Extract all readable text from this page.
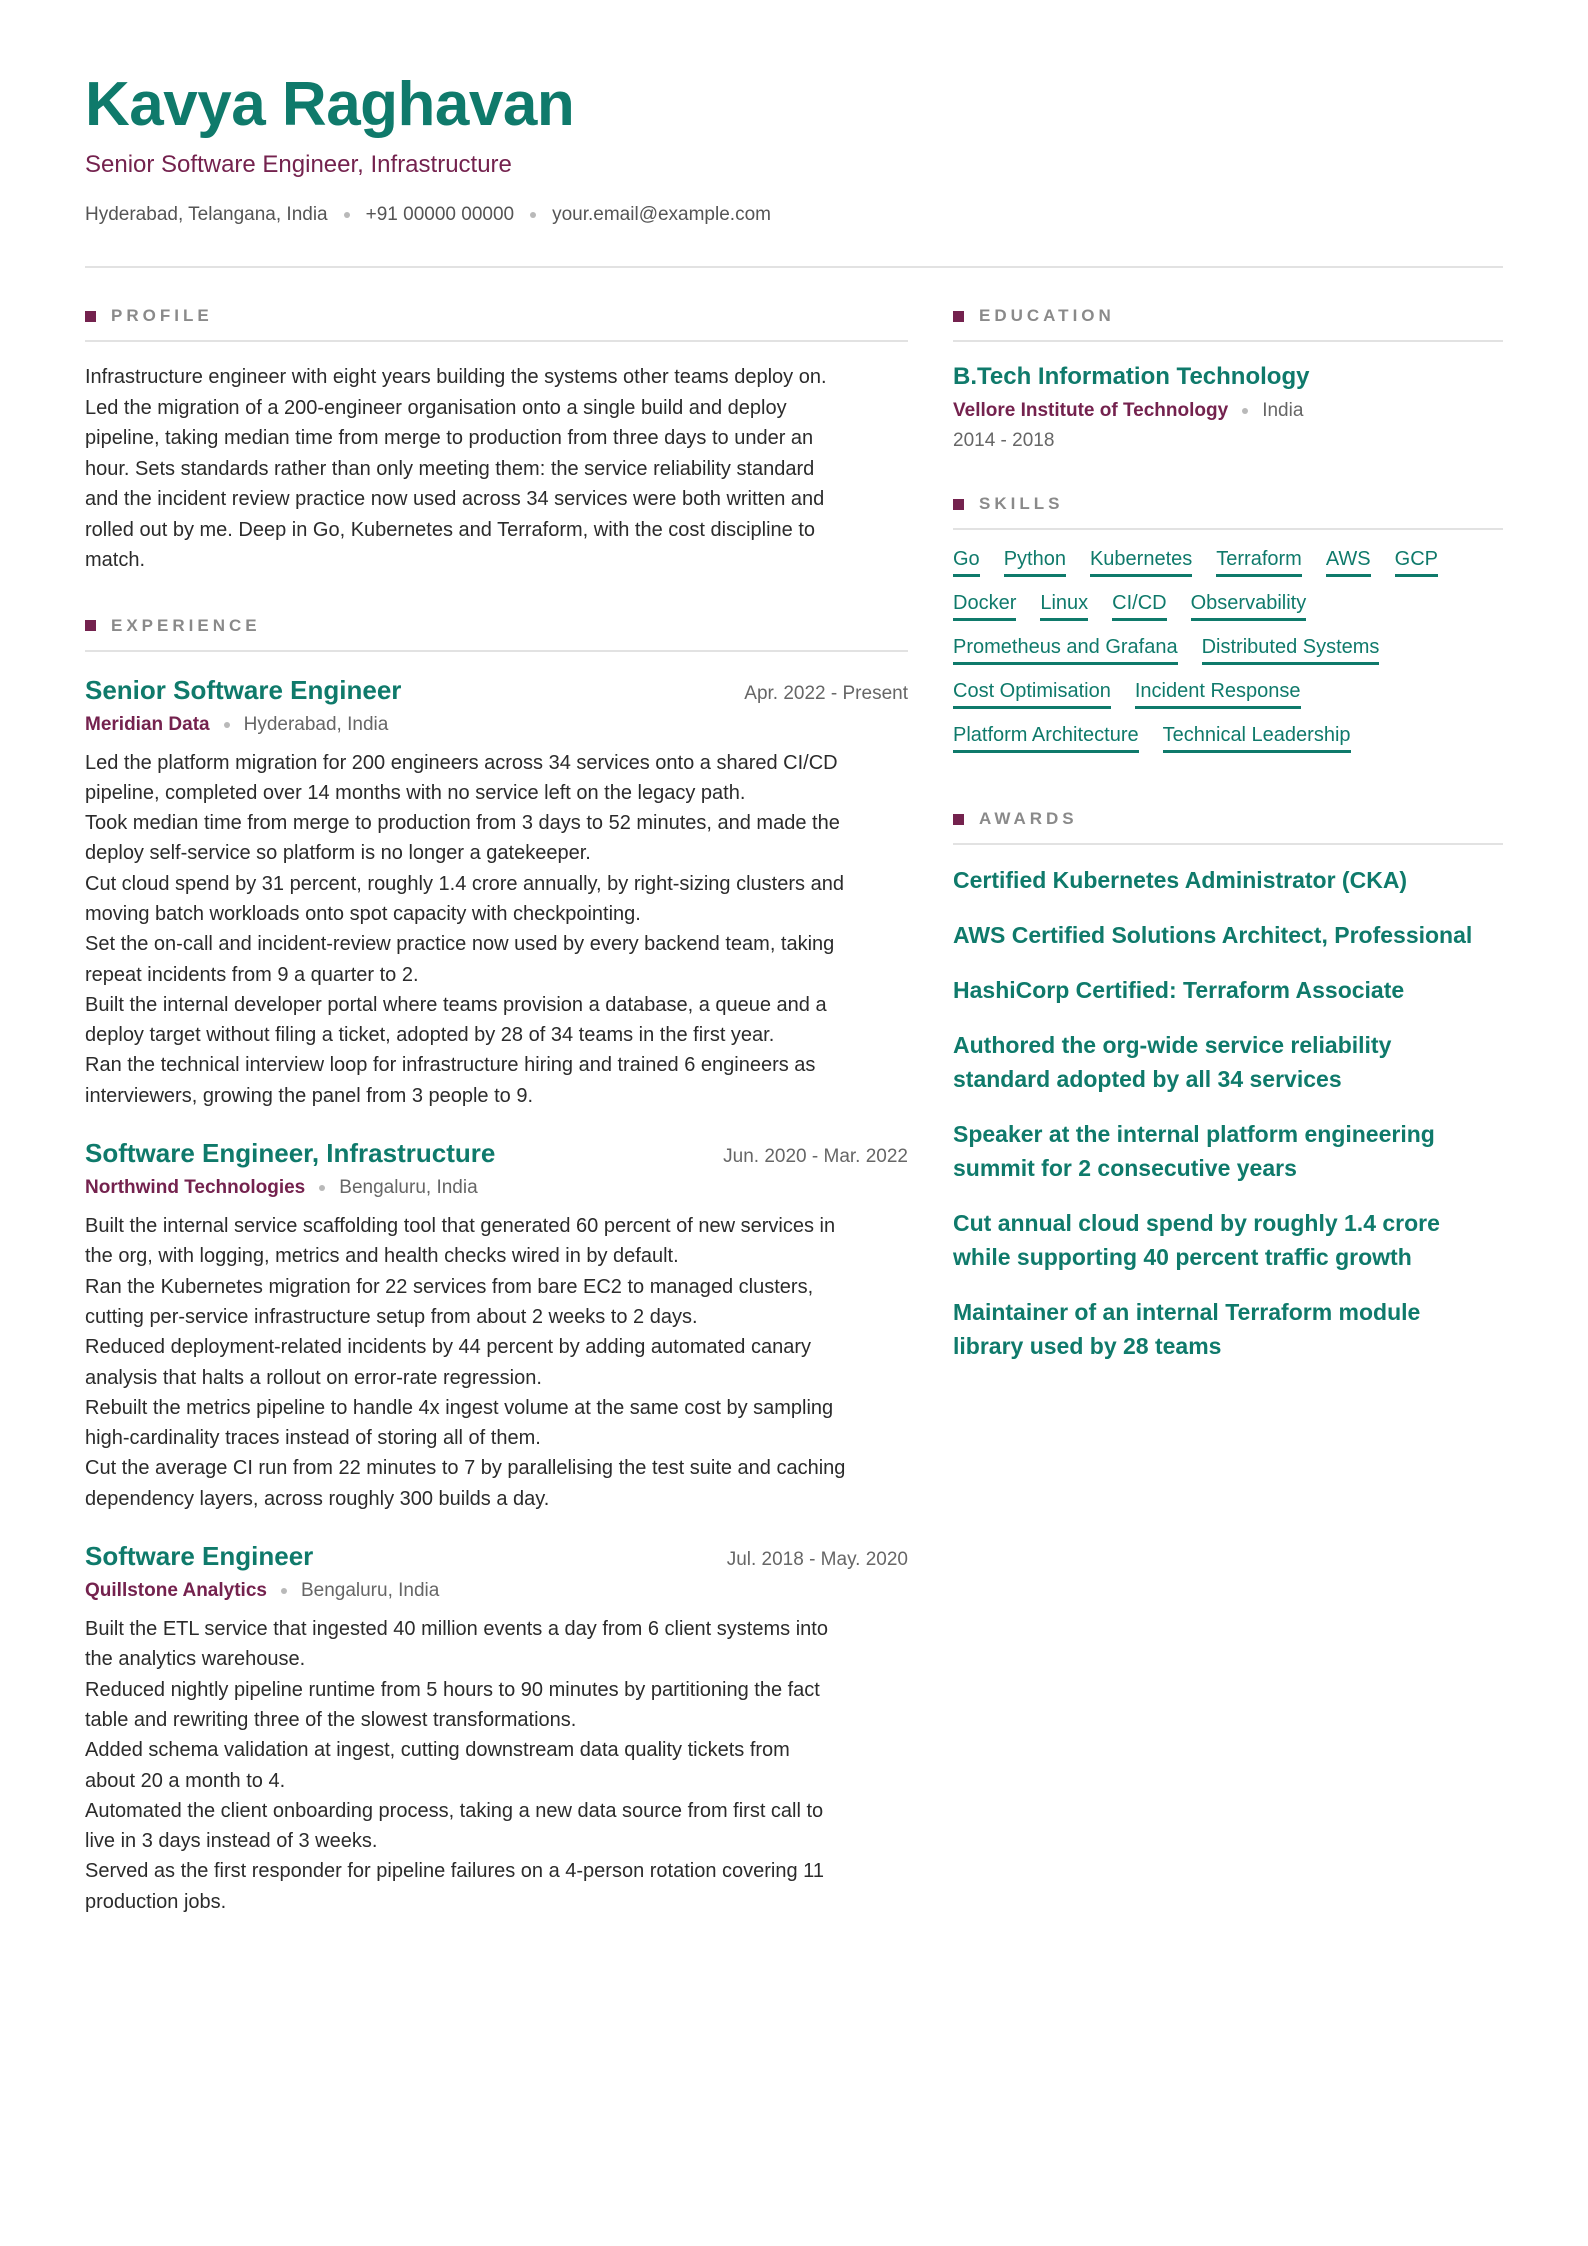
Kavya Raghavan
Senior Software Engineer, Infrastructure
Hyderabad, Telangana, India +91 00000 00000 your.email@example.com
PROFILE
Infrastructure engineer with eight years building the systems other teams deploy on.
Led the migration of a 200-engineer organisation onto a single build and deploy
pipeline, taking median time from merge to production from three days to under an
hour. Sets standards rather than only meeting them: the service reliability standard
and the incident review practice now used across 34 services were both written and
rolled out by me. Deep in Go, Kubernetes and Terraform, with the cost discipline to
match.
EXPERIENCE
Senior Software Engineer	Apr. 2022 - Present
Meridian Data Hyderabad, India
Led the platform migration for 200 engineers across 34 services onto a shared CI/CD
pipeline, completed over 14 months with no service left on the legacy path.
Took median time from merge to production from 3 days to 52 minutes, and made the
deploy self-service so platform is no longer a gatekeeper.
Cut cloud spend by 31 percent, roughly 1.4 crore annually, by right-sizing clusters and
moving batch workloads onto spot capacity with checkpointing.
Set the on-call and incident-review practice now used by every backend team, taking
repeat incidents from 9 a quarter to 2.
Built the internal developer portal where teams provision a database, a queue and a
deploy target without filing a ticket, adopted by 28 of 34 teams in the first year.
Ran the technical interview loop for infrastructure hiring and trained 6 engineers as
interviewers, growing the panel from 3 people to 9.
Software Engineer, Infrastructure	Jun. 2020 - Mar. 2022
Northwind Technologies Bengaluru, India
Built the internal service scaffolding tool that generated 60 percent of new services in
the org, with logging, metrics and health checks wired in by default.
Ran the Kubernetes migration for 22 services from bare EC2 to managed clusters,
cutting per-service infrastructure setup from about 2 weeks to 2 days.
Reduced deployment-related incidents by 44 percent by adding automated canary
analysis that halts a rollout on error-rate regression.
Rebuilt the metrics pipeline to handle 4x ingest volume at the same cost by sampling
high-cardinality traces instead of storing all of them.
Cut the average CI run from 22 minutes to 7 by parallelising the test suite and caching
dependency layers, across roughly 300 builds a day.
Software Engineer	Jul. 2018 - May. 2020
Quillstone Analytics Bengaluru, India
Built the ETL service that ingested 40 million events a day from 6 client systems into
the analytics warehouse.
Reduced nightly pipeline runtime from 5 hours to 90 minutes by partitioning the fact
table and rewriting three of the slowest transformations.
Added schema validation at ingest, cutting downstream data quality tickets from
about 20 a month to 4.
Automated the client onboarding process, taking a new data source from first call to
live in 3 days instead of 3 weeks.
Served as the first responder for pipeline failures on a 4-person rotation covering 11
production jobs.
EDUCATION
B.Tech Information Technology
Vellore Institute of Technology India
2014 - 2018
SKILLS
Go Python Kubernetes Terraform AWS GCP
Docker Linux CI/CD Observability
Prometheus and Grafana Distributed Systems
Cost Optimisation Incident Response
Platform Architecture Technical Leadership
AWARDS
Certified Kubernetes Administrator (CKA)
AWS Certified Solutions Architect, Professional
HashiCorp Certified: Terraform Associate
Authored the org-wide service reliability
standard adopted by all 34 services
Speaker at the internal platform engineering
summit for 2 consecutive years
Cut annual cloud spend by roughly 1.4 crore
while supporting 40 percent traffic growth
Maintainer of an internal Terraform module
library used by 28 teams
